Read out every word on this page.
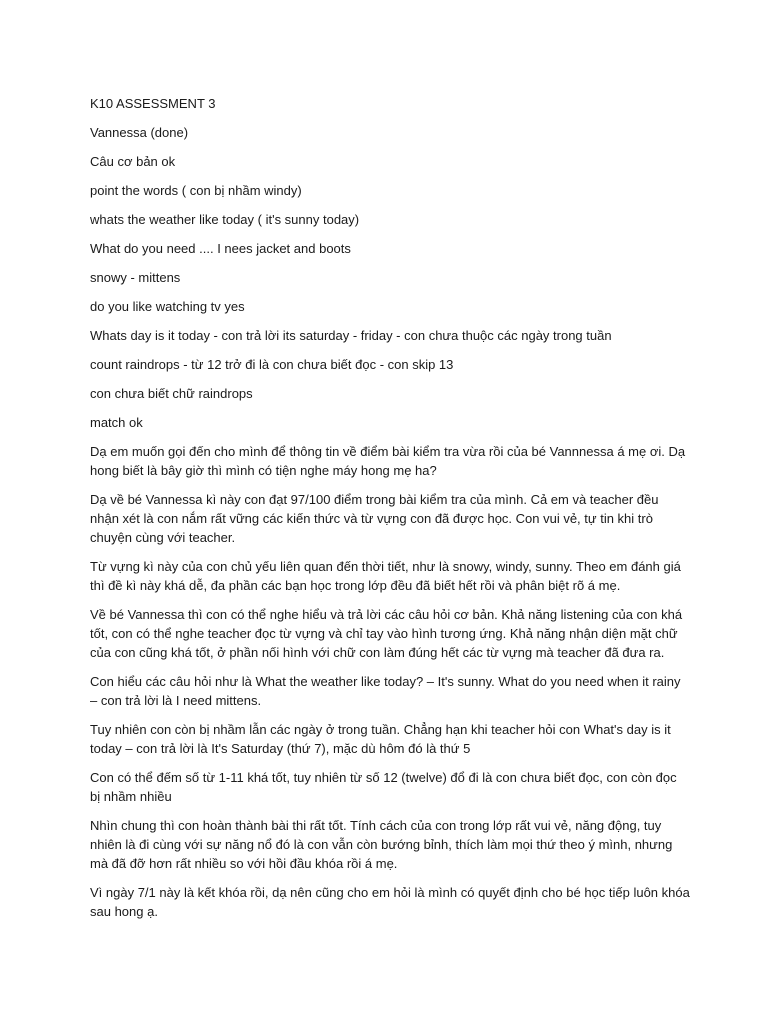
K10 ASSESSMENT 3

Vannessa (done)

Câu cơ bản ok

point the words ( con bị nhầm windy)

whats the weather like today ( it's sunny today)

What do you need .... I nees jacket and boots

snowy - mittens

do you like watching tv yes

Whats day is it today - con trả lời its saturday - friday - con chưa thuộc các ngày trong tuần

count raindrops - từ 12 trở đi là con chưa biết đọc - con skip 13

con chưa biết chữ raindrops

match ok

Dạ em muốn gọi đến cho mình để thông tin về điểm bài kiểm tra vừa rồi của bé Vannnessa á mẹ ơi. Dạ hong biết là bây giờ thì mình có tiện nghe máy hong mẹ ha?

Dạ về bé Vannessa kì này con đạt 97/100 điểm trong bài kiểm tra của mình. Cả em và teacher đều nhận xét là con nắm rất vững các kiến thức và từ vựng con đã được học. Con vui vẻ, tự tin khi trò chuyện cùng với teacher.

Từ vựng kì này của con chủ yếu liên quan đến thời tiết, như là snowy, windy, sunny. Theo em đánh giá thì đề kì này khá dễ, đa phần các bạn học trong lớp đều đã biết hết rồi và phân biệt rõ á mẹ.

Về bé Vannessa thì con có thể nghe hiểu và trả lời các câu hỏi cơ bản. Khả năng listening của con khá tốt, con có thể nghe teacher đọc từ vựng và chỉ tay vào hình tương ứng. Khả năng nhận diện mặt chữ của con cũng khá tốt, ở phần nối hình với chữ con làm đúng hết các từ vựng mà teacher đã đưa ra.

Con hiểu các câu hỏi như là What the weather like today? – It's sunny. What do you need when it rainy – con trả lời là I need mittens.

Tuy nhiên con còn bị nhầm lẫn các ngày ở trong tuần. Chẳng hạn khi teacher hỏi con What's day is it today – con trả lời là It's Saturday (thứ 7), mặc dù hôm đó là thứ 5

Con có thể đếm số từ 1-11 khá tốt, tuy nhiên từ số 12 (twelve) đổ đi là con chưa biết đọc, con còn đọc bị nhầm nhiều

Nhìn chung thì con hoàn thành bài thi rất tốt. Tính cách của con trong lớp rất vui vẻ, năng động, tuy nhiên là đi cùng với sự năng nổ đó là con vẫn còn bướng bỉnh, thích làm mọi thứ theo ý mình, nhưng mà đã đỡ hơn rất nhiều so với hồi đầu khóa rồi á mẹ.

Vì ngày 7/1 này là kết khóa rồi, dạ nên cũng cho em hỏi là mình có quyết định cho bé học tiếp luôn khóa sau hong ạ.
